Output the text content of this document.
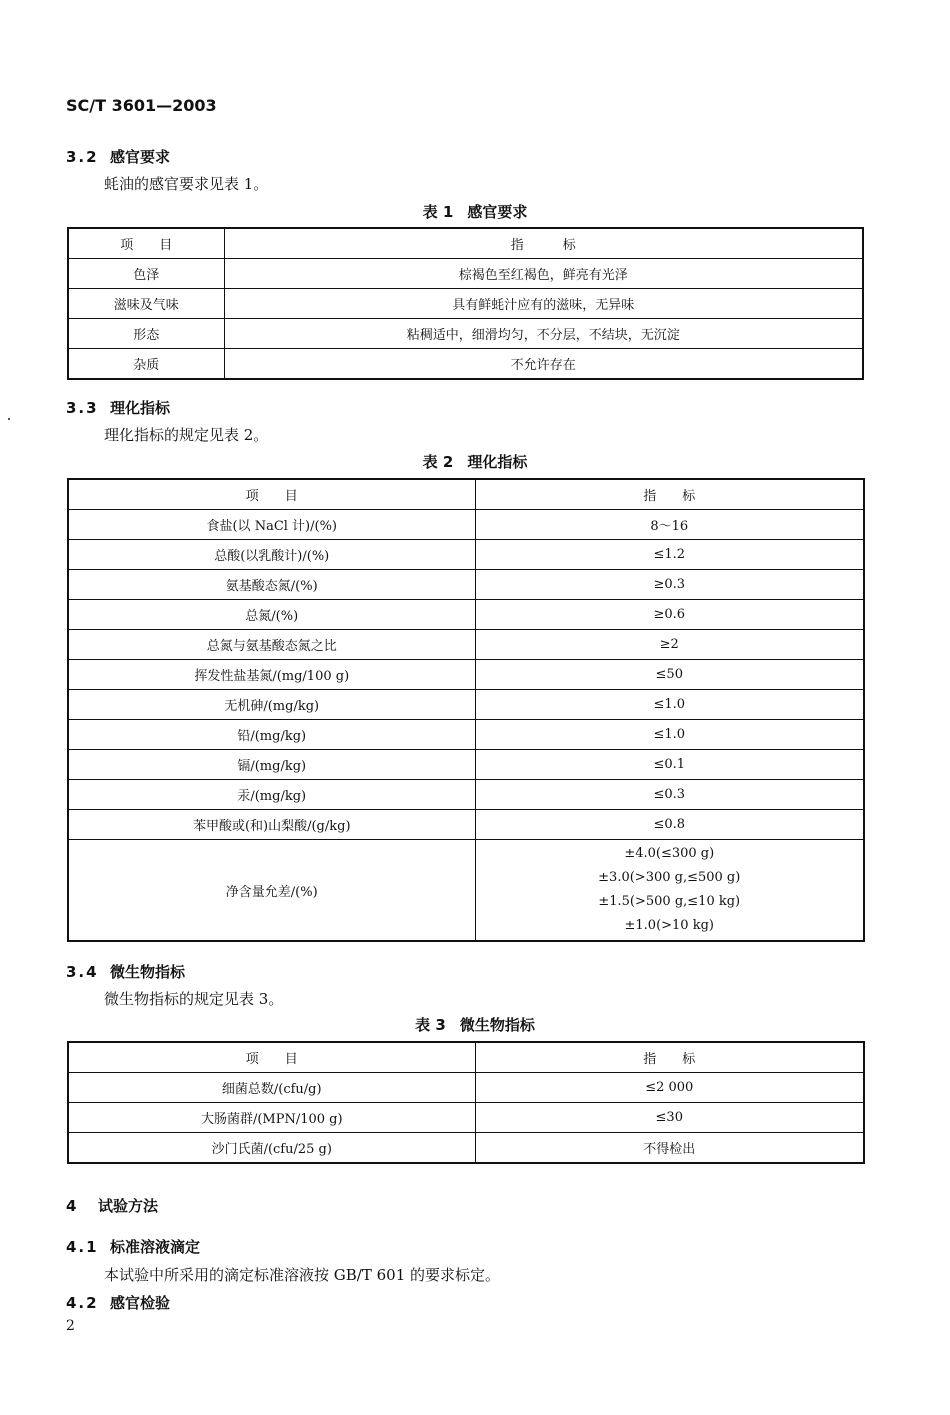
SC/T 3601—2003
3.2 感官要求
蚝油的感官要求见表 1。
表 1 感官要求
项　　目	指　　　标
色泽	棕褐色至红褐色，鲜亮有光泽
滋味及气味	具有鲜蚝汁应有的滋味，无异味
形态	粘稠适中，细滑均匀，不分层，不结块，无沉淀
杂质	不允许存在
3.3 理化指标
理化指标的规定见表 2。
表 2 理化指标
项　　目	指　　标
食盐(以 NaCl 计)/(%)	8～16
总酸(以乳酸计)/(%)	≤1.2
氨基酸态氮/(%)	≥0.3
总氮/(%)	≥0.6
总氮与氨基酸态氮之比	≥2
挥发性盐基氮/(mg/100 g)	≤50
无机砷/(mg/kg)	≤1.0
铅/(mg/kg)	≤1.0
镉/(mg/kg)	≤0.1
汞/(mg/kg)	≤0.3
苯甲酸或(和)山梨酸/(g/kg)	≤0.8
净含量允差/(%)	±4.0(≤300 g)
±3.0(>300 g,≤500 g)
±1.5(>500 g,≤10 kg)
±1.0(>10 kg)
3.4 微生物指标
微生物指标的规定见表 3。
表 3 微生物指标
项　　目	指　　标
细菌总数/(cfu/g)	≤2 000
大肠菌群/(MPN/100 g)	≤30
沙门氏菌/(cfu/25 g)	不得检出
4 试验方法
4.1 标准溶液滴定
本试验中所采用的滴定标准溶液按 GB/T 601 的要求标定。
4.2 感官检验
2
